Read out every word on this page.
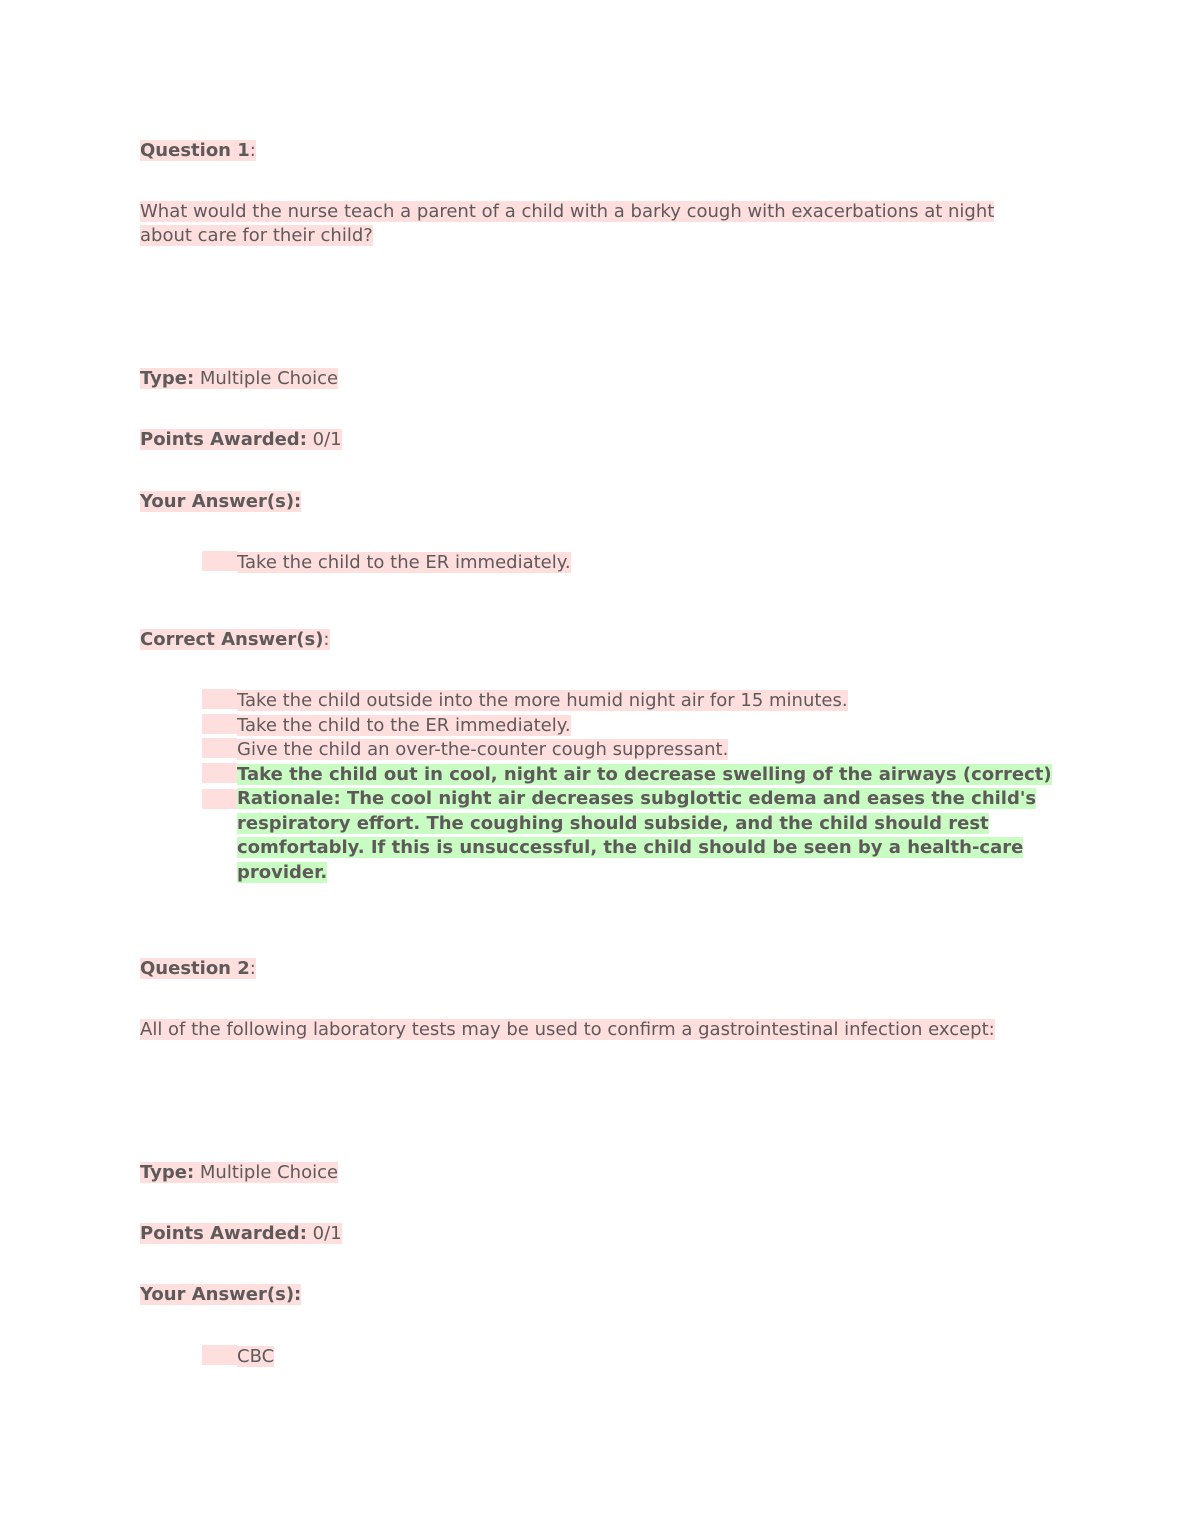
Question 1:
What would the nurse teach a parent of a child with a barky cough with exacerbations at night about care for their child?
Type: Multiple Choice
Points Awarded: 0/1
Your Answer(s):
Take the child to the ER immediately.
Correct Answer(s):
Take the child outside into the more humid night air for 15 minutes.
Take the child to the ER immediately.
Give the child an over-the-counter cough suppressant.
Take the child out in cool, night air to decrease swelling of the airways (correct)
Rationale: The cool night air decreases subglottic edema and eases the child's respiratory effort. The coughing should subside, and the child should rest comfortably. If this is unsuccessful, the child should be seen by a health-care provider.
Question 2:
All of the following laboratory tests may be used to confirm a gastrointestinal infection except:
Type: Multiple Choice
Points Awarded: 0/1
Your Answer(s):
CBC
